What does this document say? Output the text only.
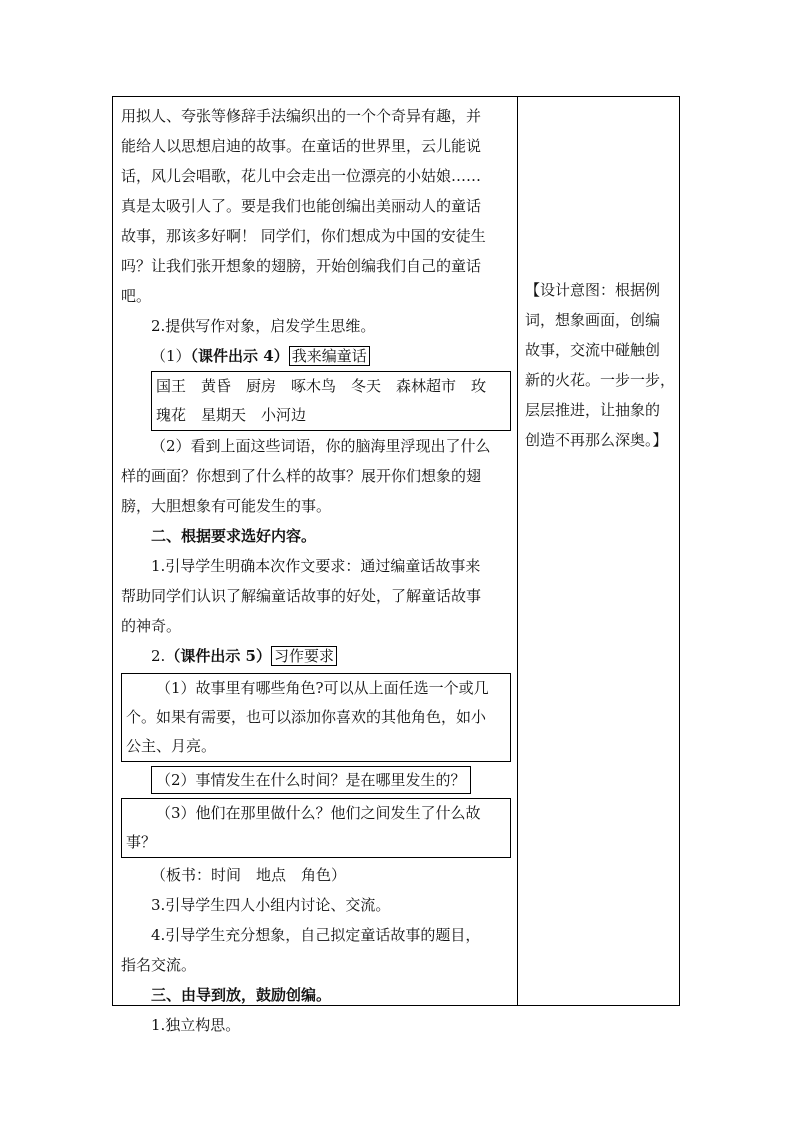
用拟人、夸张等修辞手法编织出的一个个奇异有趣，并

能给人以思想启迪的故事。在童话的世界里，云儿能说

话，风儿会唱歌，花儿中会走出一位漂亮的小姑娘……

真是太吸引人了。要是我们也能创编出美丽动人的童话

故事，那该多好啊！ 同学们，你们想成为中国的安徒生

吗？让我们张开想象的翅膀，开始创编我们自己的童话

吧。

2.提供写作对象，启发学生思维。

（1）（课件出示 4） 我来编童话

国王　黄昏　厨房　啄木鸟　冬天　森林超市　玫
瑰花　星期天　小河边

（2）看到上面这些词语，你的脑海里浮现出了什么

样的画面？你想到了什么样的故事？展开你们想象的翅

膀，大胆想象有可能发生的事。

二、根据要求选好内容。

1.引导学生明确本次作文要求：通过编童话故事来

帮助同学们认识了解编童话故事的好处，了解童话故事

的神奇。

2.（课件出示 5） 习作要求

（1）故事里有哪些角色?可以从上面任选一个或几
个。如果有需要，也可以添加你喜欢的其他角色，如小
公主、月亮。

（2）事情发生在什么时间？是在哪里发生的？

（3）他们在那里做什么？他们之间发生了什么故
事？

（板书：时间　地点　角色）

3.引导学生四人小组内讨论、交流。

4.引导学生充分想象，自己拟定童话故事的题目，

指名交流。

三、由导到放，鼓励创编。

1.独立构思。

【设计意图：根据例

词，想象画面，创编

故事，交流中碰触创

新的火花。一步一步，

层层推进，让抽象的

创造不再那么深奥。】
